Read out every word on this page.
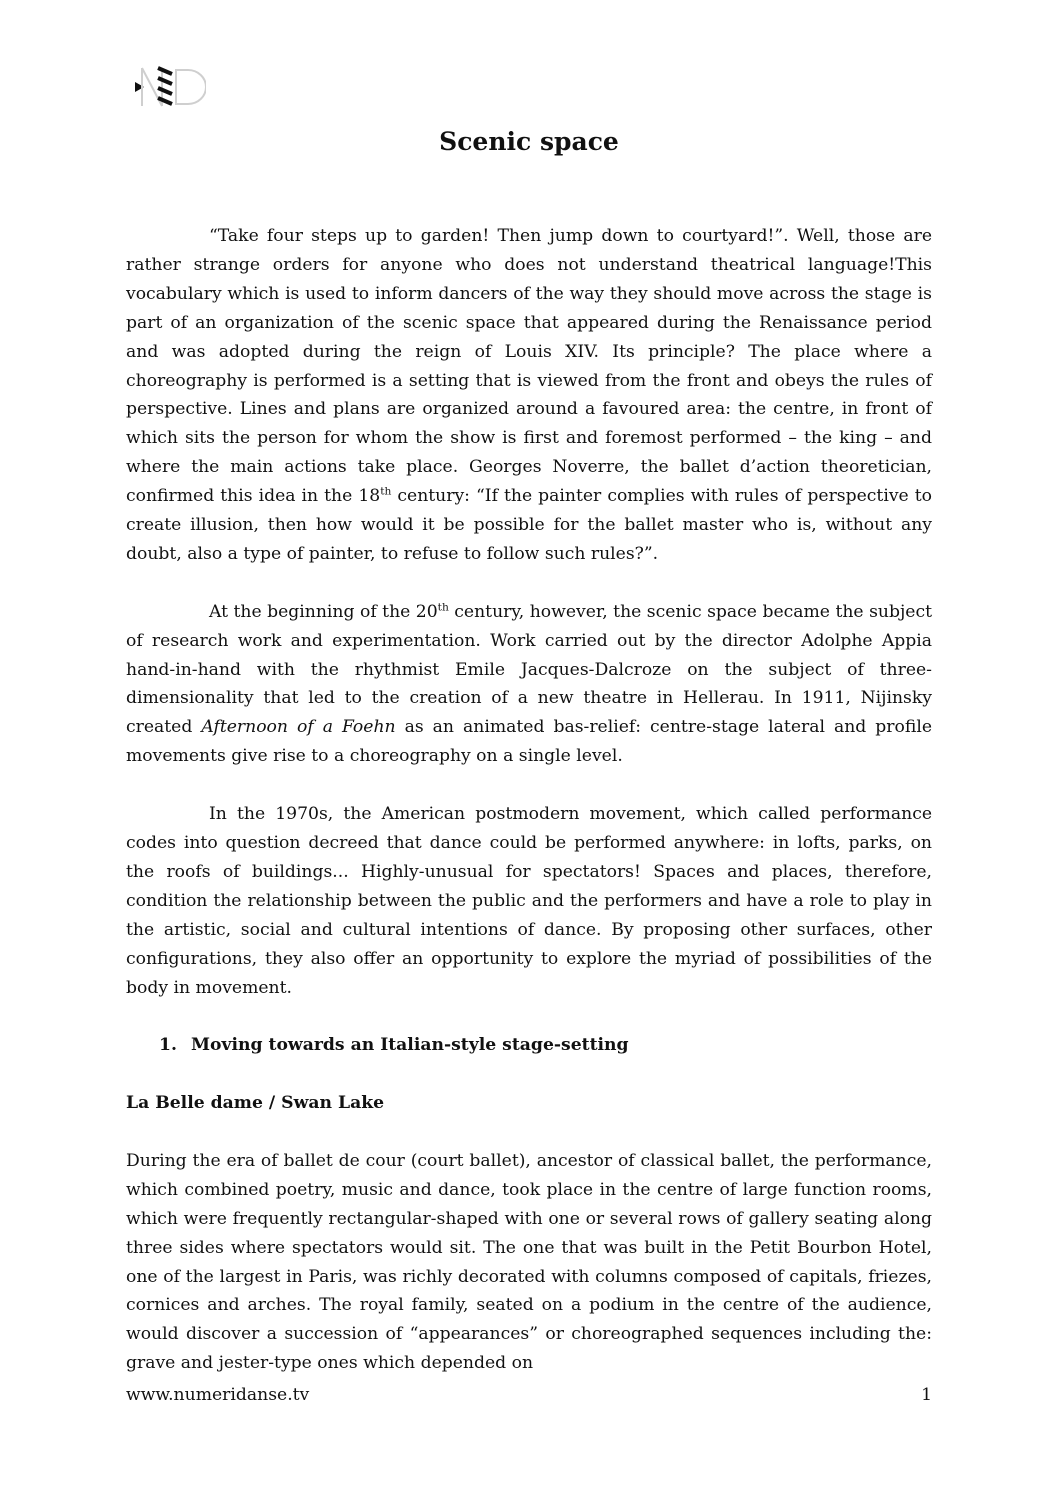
Scenic space

“Take four steps up to garden! Then jump down to courtyard!”. Well, those are rather strange orders for anyone who does not understand theatrical language!This vocabulary which is used to inform dancers of the way they should move across the stage is part of an organization of the scenic space that appeared during the Renaissance period and was adopted during the reign of Louis XIV. Its principle? The place where a choreography is performed is a setting that is viewed from the front and obeys the rules of perspective. Lines and plans are organized around a favoured area: the centre, in front of which sits the person for whom the show is first and foremost performed – the king – and where the main actions take place. Georges Noverre, the ballet d’action theoretician, confirmed this idea in the 18th century: “If the painter complies with rules of perspective to create illusion, then how would it be possible for the ballet master who is, without any doubt, also a type of painter, to refuse to follow such rules?”.

At the beginning of the 20th century, however, the scenic space became the subject of research work and experimentation. Work carried out by the director Adolphe Appia hand-in-hand with the rhythmist Emile Jacques-Dalcroze on the subject of three-dimensionality that led to the creation of a new theatre in Hellerau. In 1911, Nijinsky created Afternoon of a Foehn as an animated bas-relief: centre-stage lateral and profile movements give rise to a choreography on a single level.

In the 1970s, the American postmodern movement, which called performance codes into question decreed that dance could be performed anywhere: in lofts, parks, on the roofs of buildings... Highly-unusual for spectators! Spaces and places, therefore, condition the relationship between the public and the performers and have a role to play in the artistic, social and cultural intentions of dance. By proposing other surfaces, other configurations, they also offer an opportunity to explore the myriad of possibilities of the body in movement.

1. Moving towards an Italian-style stage-setting

La Belle dame / Swan Lake

During the era of ballet de cour (court ballet), ancestor of classical ballet, the performance, which combined poetry, music and dance, took place in the centre of large function rooms, which were frequently rectangular-shaped with one or several rows of gallery seating along three sides where spectators would sit. The one that was built in the Petit Bourbon Hotel, one of the largest in Paris, was richly decorated with columns composed of capitals, friezes, cornices and arches. The royal family, seated on a podium in the centre of the audience, would discover a succession of “appearances” or choreographed sequences including the: grave and jester-type ones which depended on

www.numeridanse.tv	1
